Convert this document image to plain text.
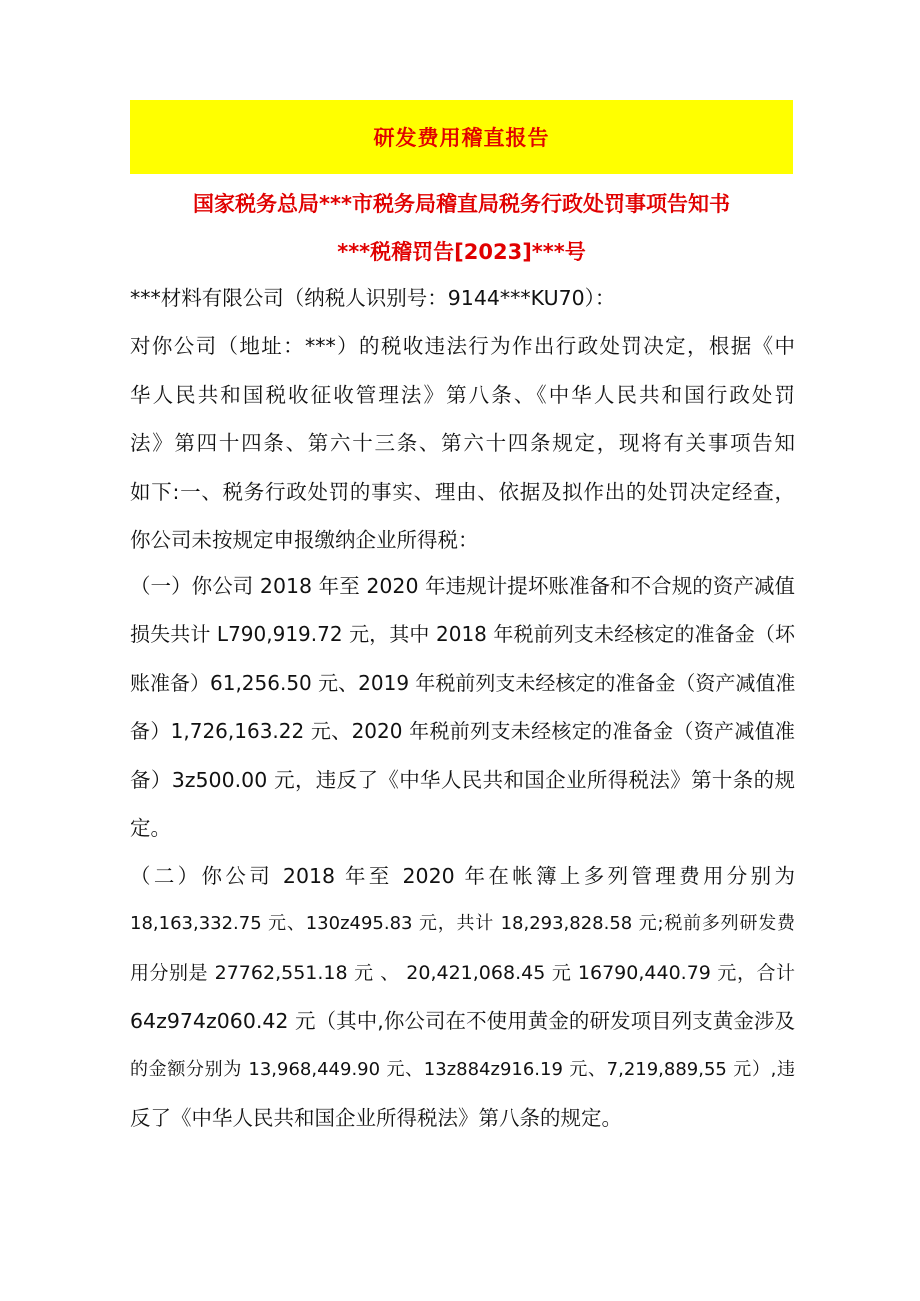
研发费用稽直报告
国家税务总局***市税务局稽直局税务行政处罚事项告知书
***税稽罚告[2023]***号
***材料有限公司（纳税人识别号：9144***KU70）：
对你公司（地址：***）的税收违法行为作出行政处罚决定，根据《中
华人民共和国税收征收管理法》第八条、《中华人民共和国行政处罚
法》第四十四条、第六十三条、第六十四条规定，现将有关事项告知
如下:一、税务行政处罚的事实、理由、依据及拟作出的处罚决定经查，
你公司未按规定申报缴纳企业所得税：
（一）你公司 2018 年至 2020 年违规计提坏账准备和不合规的资产减值
损失共计 L790,919.72 元，其中 2018 年税前列支未经核定的准备金（坏
账准备）61,256.50 元、2019 年税前列支未经核定的准备金（资产减值准
备）1,726,163.22 元、2020 年税前列支未经核定的准备金（资产减值准
备）3z500.00 元，违反了《中华人民共和国企业所得税法》第十条的规
定。
（二）你公司 2018 年至 2020 年在帐簿上多列管理费用分别为
18,163,332.75 元、130z495.83 元，共计 18,293,828.58 元;税前多列研发费
用分别是 27762,551.18 元 、 20,421,068.45 元 16790,440.79 元，合计
64z974z060.42 元（其中,你公司在不使用黄金的研发项目列支黄金涉及
的金额分别为 13,968,449.90 元、13z884z916.19 元、7,219,889,55 元）,违
反了《中华人民共和国企业所得税法》第八条的规定。
